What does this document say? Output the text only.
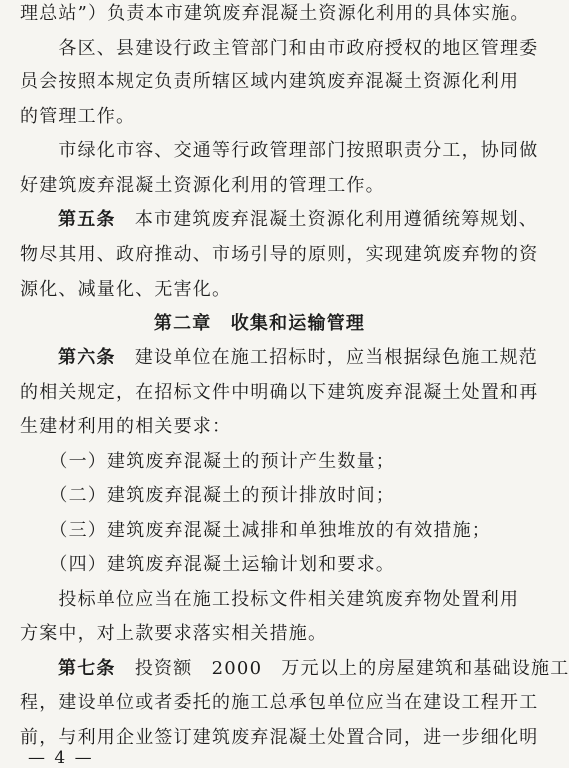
理总站”）负责本市建筑废弃混凝土资源化利用的具体实施。
　　各区、县建设行政主管部门和由市政府授权的地区管理委
员会按照本规定负责所辖区域内建筑废弃混凝土资源化利用
的管理工作。
　　市绿化市容、交通等行政管理部门按照职责分工，协同做
好建筑废弃混凝土资源化利用的管理工作。
第五条　 本市建筑废弃混凝土资源化利用遵循统筹规划、
物尽其用、政府推动、市场引导的原则，实现建筑废弃物的资
源化、减量化、无害化。
第二章　收集和运输管理
第六条　 建设单位在施工招标时，应当根据绿色施工规范
的相关规定，在招标文件中明确以下建筑废弃混凝土处置和再
生建材利用的相关要求：
　　（一）建筑废弃混凝土的预计产生数量；
　　（二）建筑废弃混凝土的预计排放时间；
　　（三）建筑废弃混凝土减排和单独堆放的有效措施；
　　（四）建筑废弃混凝土运输计划和要求。
　　投标单位应当在施工投标文件相关建筑废弃物处置利用
方案中，对上款要求落实相关措施。
第七条　 投资额　2000　万元以上的房屋建筑和基础设施工
程，建设单位或者委托的施工总承包单位应当在建设工程开工
前，与利用企业签订建筑废弃混凝土处置合同，进一步细化明
— 4 —
